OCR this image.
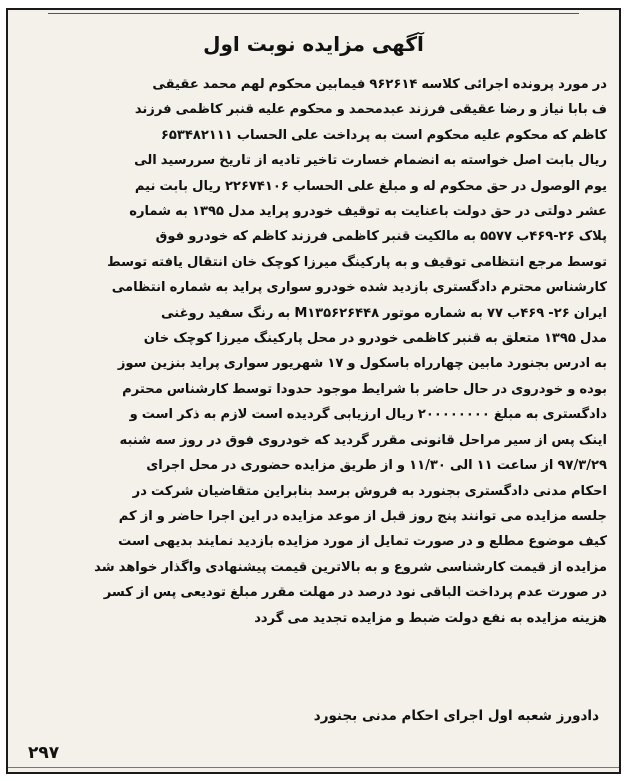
آگهی مزایده نوبت اول
در مورد پرونده اجرائی کلاسه ۹۶۲۶۱۴ فیمابین محکوم لهم محمد عقیقی
ف بابا نیاز و رضا عقیقی فرزند عبدمحمد و محکوم علیه قنبر کاظمی فرزند
کاظم که محکوم علیه محکوم است به پرداخت علی الحساب ۶۵۳۴۸۲۱۱۱
ریال بابت اصل خواسته به انضمام خسارت تاخیر تادیه از تاریخ سررسید الی
یوم الوصول در حق محکوم له و مبلغ علی الحساب ۲۲۶۷۴۱۰۶ ریال بابت نیم
عشر دولتی در حق دولت باعنایت به توقیف خودرو پراید مدل ۱۳۹۵ به شماره
پلاک ۲۶-۴۶۹ب ۵۵۷۷ به مالکیت قنبر کاظمی فرزند کاظم که خودرو فوق
توسط مرجع انتظامی توقیف و به پارکینگ میرزا کوچک خان انتقال یافته توسط
کارشناس محترم دادگستری بازدید شده خودرو سواری پراید به شماره انتظامی
ایران ۲۶- ۴۶۹ب ۷۷ به شماره موتور M۱۳۵۶۲۶۴۴۸ به رنگ سفید روغنی
مدل ۱۳۹۵ متعلق به قنبر کاظمی خودرو در محل پارکینگ میرزا کوچک خان
به ادرس بجنورد مابین چهارراه باسکول و ۱۷ شهریور سواری پراید بنزین سوز
بوده و خودروی در حال حاضر با شرایط موجود حدودا توسط کارشناس محترم
دادگستری به مبلغ ۲۰۰۰۰۰۰۰۰ ریال ارزیابی گردیده است لازم به ذکر است و
اینک پس از سیر مراحل قانونی مقرر گردید که خودروی فوق در روز سه شنبه
۹۷/۳/۲۹ از ساعت ۱۱ الی ۱۱/۳۰ و از طریق مزایده حضوری در محل اجرای
احکام مدنی دادگستری بجنورد به فروش برسد بنابراین متقاضیان شرکت در
جلسه مزایده می توانند پنج روز قبل از موعد مزایده در این اجرا حاضر و از کم
کیف موضوع مطلع و در صورت تمایل از مورد مزایده بازدید نمایند بدیهی است
مزایده از قیمت کارشناسی شروع و به بالاترین قیمت پیشنهادی واگذار خواهد شد
در صورت عدم پرداخت الباقی نود درصد در مهلت مقرر مبلغ تودیعی پس از کسر
هزینه مزایده به نفع دولت ضبط و مزایده تجدید می گردد
دادورز شعبه اول اجرای احکام مدنی بجنورد
۲۹۷
